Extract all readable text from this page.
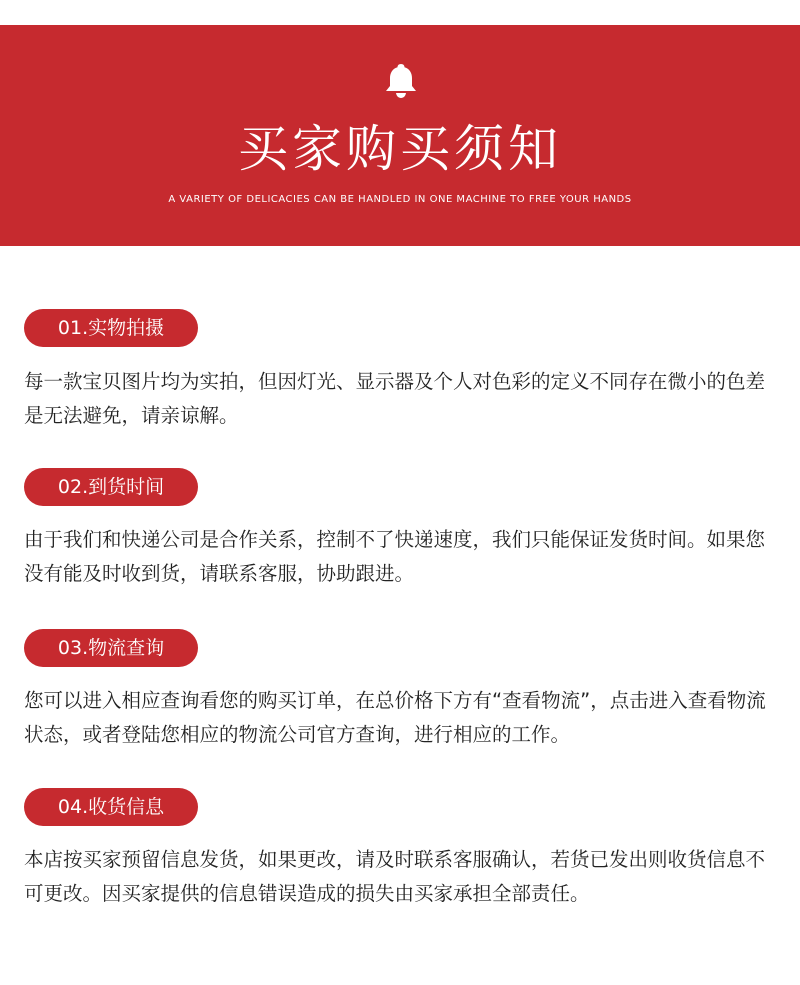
买家购买须知
A VARIETY OF DELICACIES CAN BE HANDLED IN ONE MACHINE TO FREE YOUR HANDS
01.实物拍摄
每一款宝贝图片均为实拍，但因灯光、显示器及个人对色彩的定义不同存在微小的色差是无法避免，请亲谅解。
02.到货时间
由于我们和快递公司是合作关系，控制不了快递速度，我们只能保证发货时间。如果您没有能及时收到货，请联系客服，协助跟进。
03.物流查询
您可以进入相应查询看您的购买订单，在总价格下方有“查看物流”，点击进入查看物流状态，或者登陆您相应的物流公司官方查询，进行相应的工作。
04.收货信息
本店按买家预留信息发货，如果更改，请及时联系客服确认，若货已发出则收货信息不可更改。因买家提供的信息错误造成的损失由买家承担全部责任。
